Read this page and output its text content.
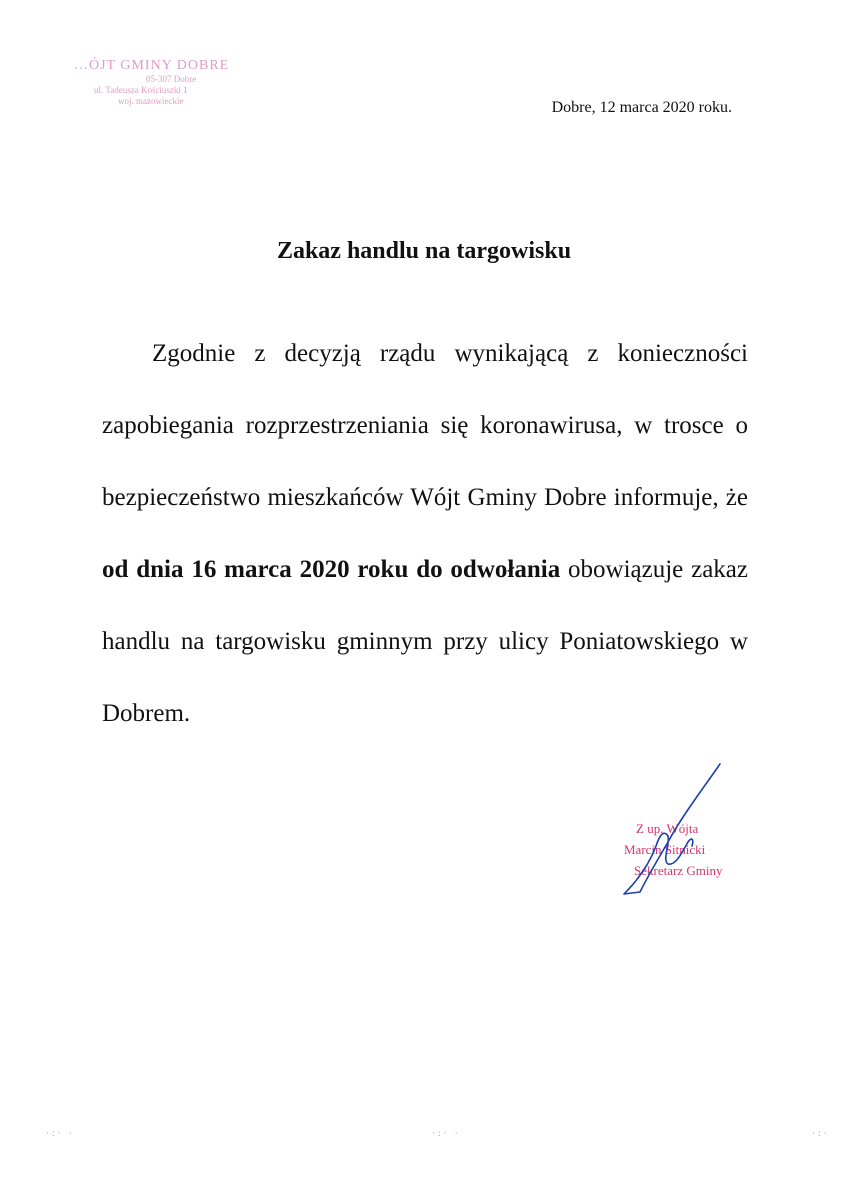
…ÓJT GMINY DOBRE
05-307 Dobre
ul. Tadeusza Kościuszki 1
woj. mazowieckie	Dobre, 12 marca 2020 roku.
Zakaz handlu na targowisku

Zgodnie z decyzją rządu wynikającą z konieczności zapobiegania rozprzestrzeniania się koronawirusa, w trosce o bezpieczeństwo mieszkańców Wójt Gminy Dobre informuje, że od dnia 16 marca 2020 roku do odwołania obowiązuje zakaz handlu na targowisku gminnym przy ulicy Poniatowskiego w Dobrem.

Z up. Wójta
Marcin Sitnicki
Sekretarz Gminy
·:· ·	·:· ·	·:·
